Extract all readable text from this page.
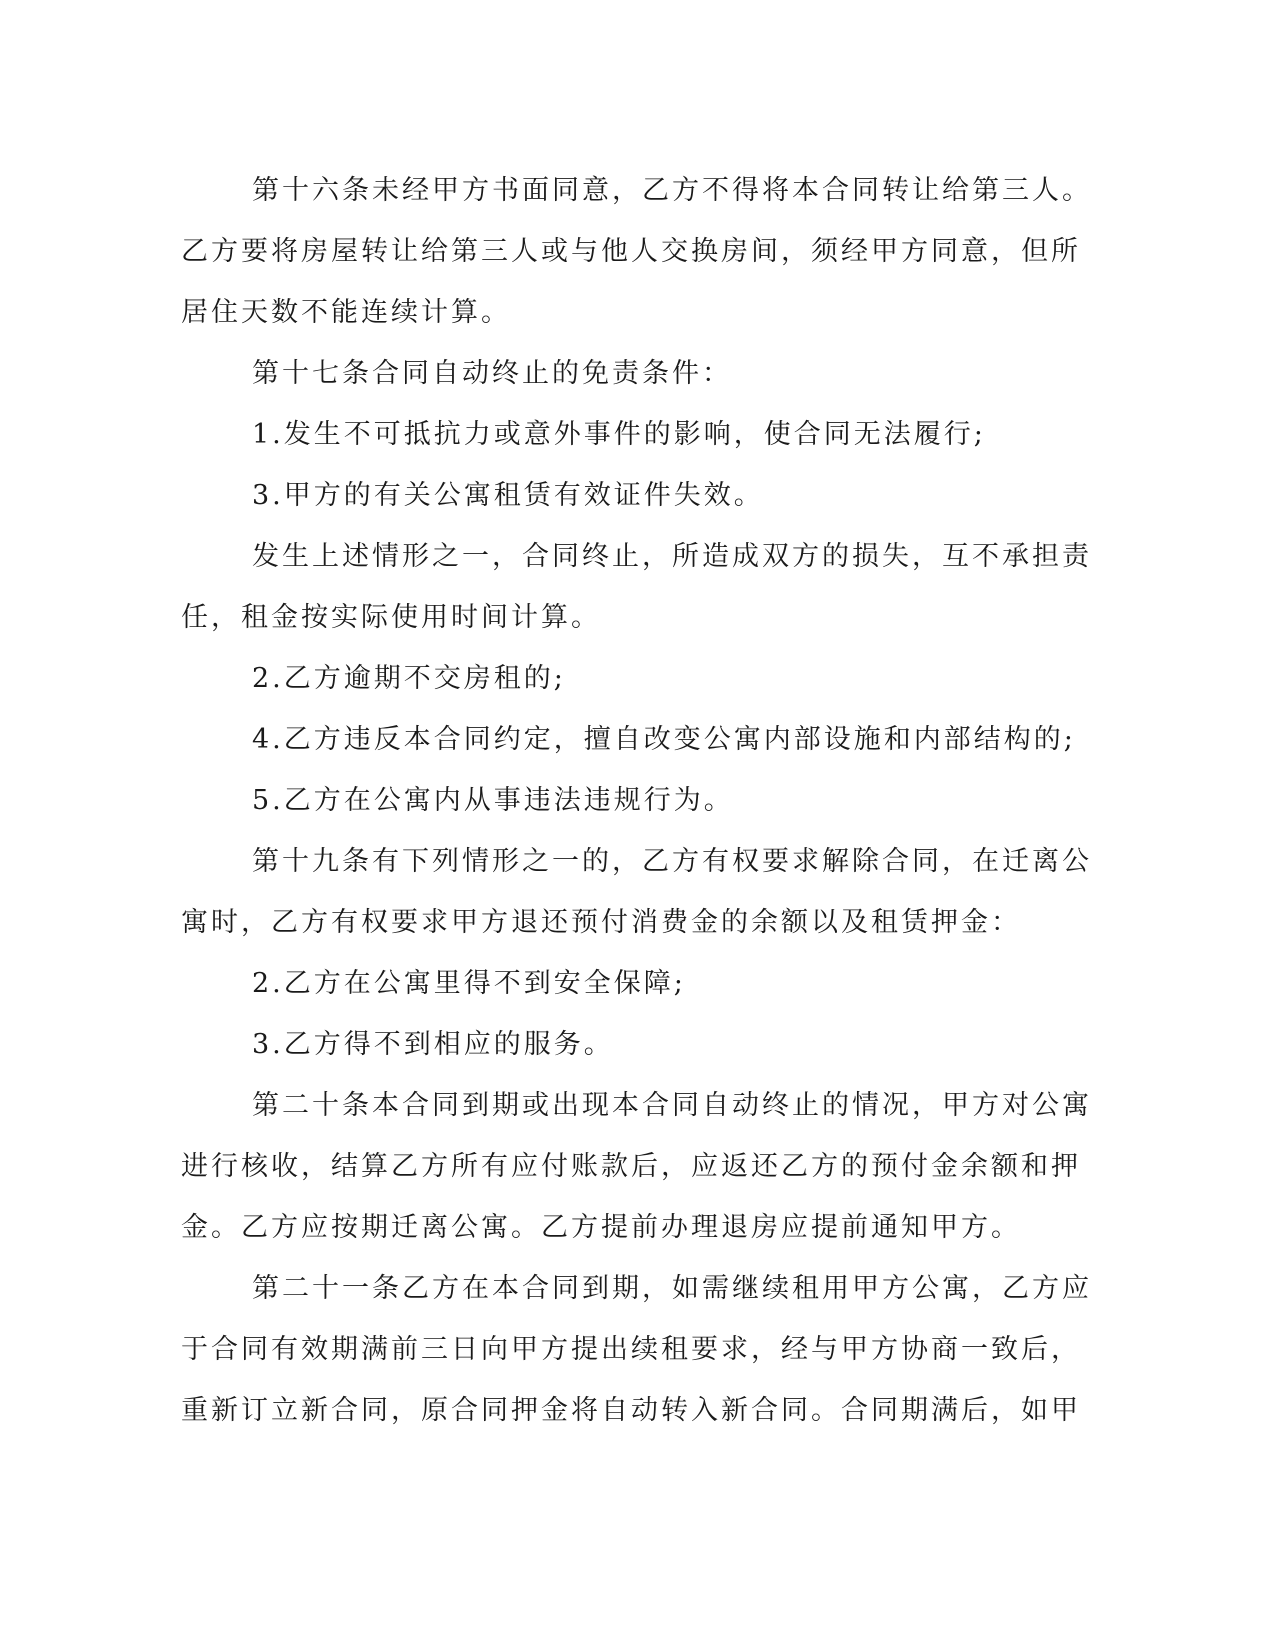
第十六条未经甲方书面同意，乙方不得将本合同转让给第三人。
乙方要将房屋转让给第三人或与他人交换房间，须经甲方同意，但所
居住天数不能连续计算。
第十七条合同自动终止的免责条件：
1.发生不可抵抗力或意外事件的影响，使合同无法履行;
3.甲方的有关公寓租赁有效证件失效。
发生上述情形之一，合同终止，所造成双方的损失，互不承担责
任，租金按实际使用时间计算。
2.乙方逾期不交房租的;
4.乙方违反本合同约定，擅自改变公寓内部设施和内部结构的;
5.乙方在公寓内从事违法违规行为。
第十九条有下列情形之一的，乙方有权要求解除合同，在迁离公
寓时，乙方有权要求甲方退还预付消费金的余额以及租赁押金：
2.乙方在公寓里得不到安全保障;
3.乙方得不到相应的服务。
第二十条本合同到期或出现本合同自动终止的情况，甲方对公寓
进行核收，结算乙方所有应付账款后，应返还乙方的预付金余额和押
金。乙方应按期迁离公寓。乙方提前办理退房应提前通知甲方。
第二十一条乙方在本合同到期，如需继续租用甲方公寓，乙方应
于合同有效期满前三日向甲方提出续租要求，经与甲方协商一致后，
重新订立新合同，原合同押金将自动转入新合同。合同期满后，如甲
